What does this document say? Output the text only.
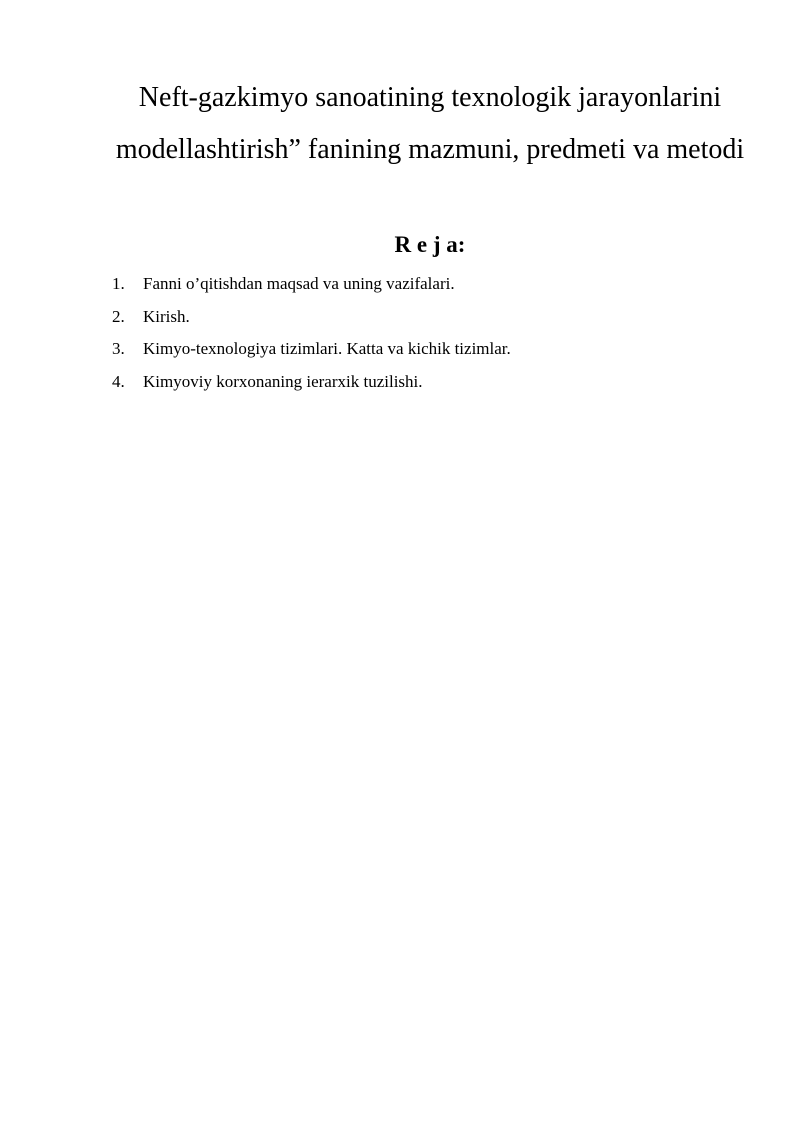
Neft-gazkimyo sanoatining texnologik jarayonlarini modellashtirish” fanining mazmuni, predmeti va metodi
R e j a:
1.	Fanni o’qitishdan maqsad va uning vazifalari.
2.	Kirish.
3.	Kimyo-texnologiya tizimlari. Katta va kichik tizimlar.
4.	Kimyoviy korxonaning ierarxik tuzilishi.
